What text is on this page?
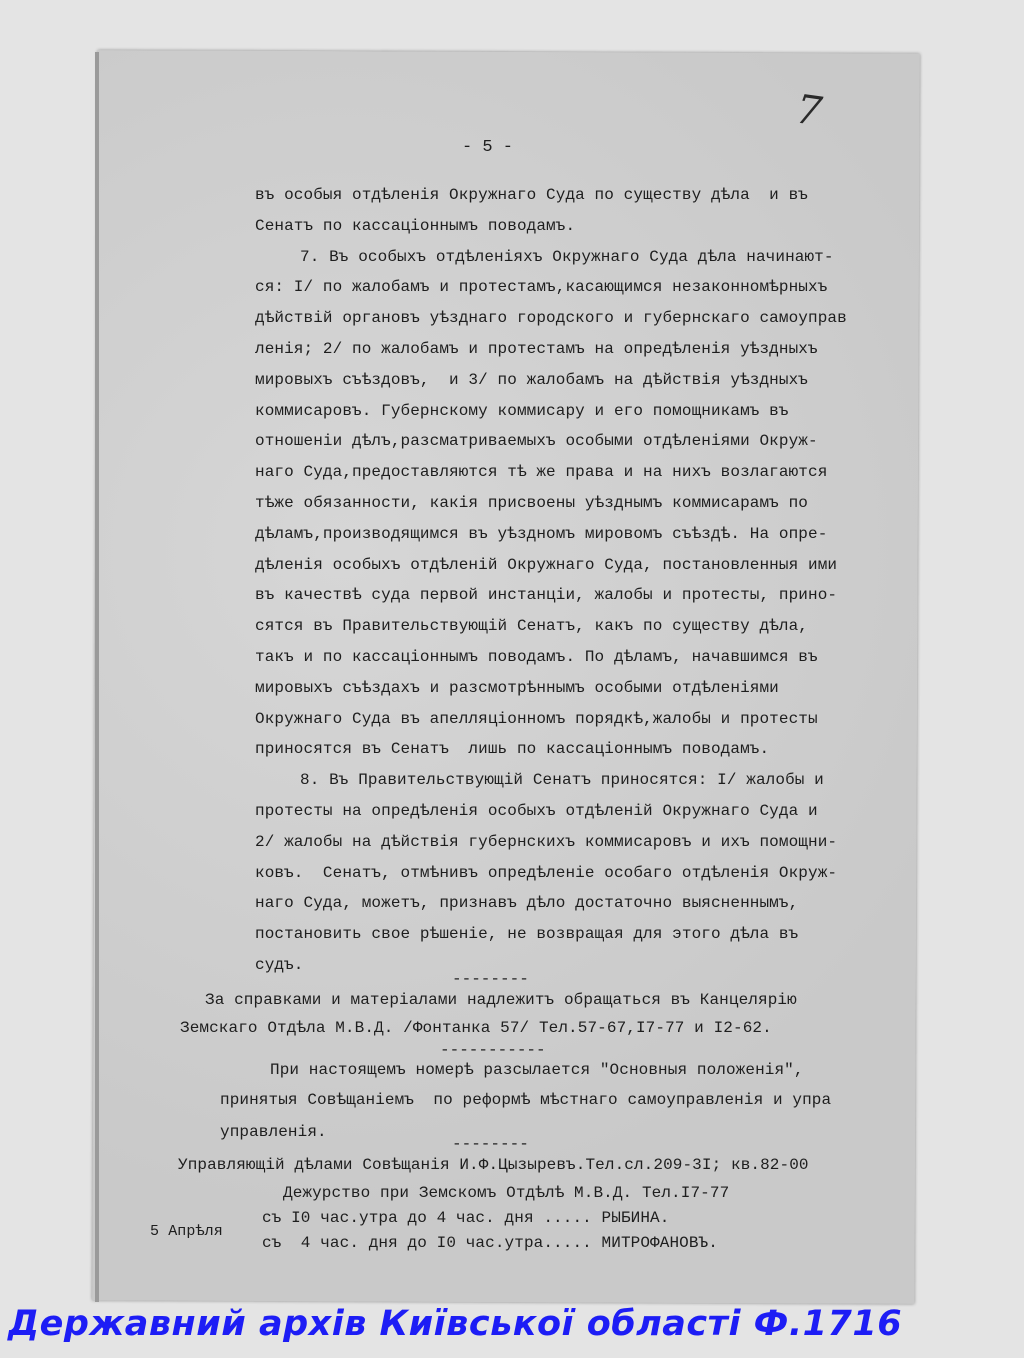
7
- 5 -
въ особыя отдѣленія Окружнаго Суда по существу дѣла  и въ
Сенатъ по кассаціоннымъ поводамъ.
7. Въ особыхъ отдѣленіяхъ Окружнаго Суда дѣла начинают-
ся: I/ по жалобамъ и протестамъ,касающимся незаконномѣрныхъ
дѣйствій органовъ уѣзднаго городского и губернскаго самоуправ
ленія; 2/ по жалобамъ и протестамъ на опредѣленія уѣздныхъ
мировыхъ съѣздовъ,  и 3/ по жалобамъ на дѣйствія уѣздныхъ
коммисаровъ. Губернскому коммисару и его помощникамъ въ
отношеніи дѣлъ,разсматриваемыхъ особыми отдѣленіями Окруж-
наго Суда,предоставляются тѣ же права и на нихъ возлагаются
тѣже обязанности, какія присвоены уѣзднымъ коммисарамъ по
дѣламъ,производящимся въ уѣздномъ мировомъ съѣздѣ. На опре-
дѣленія особыхъ отдѣленій Окружнаго Суда, постановленныя ими
въ качествѣ суда первой инстанціи, жалобы и протесты, прино-
сятся въ Правительствующій Сенатъ, какъ по существу дѣла,
такъ и по кассаціоннымъ поводамъ. По дѣламъ, начавшимся въ
мировыхъ съѣздахъ и разсмотрѣннымъ особыми отдѣленіями
Окружнаго Суда въ апелляціонномъ порядкѣ,жалобы и протесты
приносятся въ Сенатъ  лишь по кассаціоннымъ поводамъ.
8. Въ Правительствующій Сенатъ приносятся: I/ жалобы и
протесты на опредѣленія особыхъ отдѣленій Окружнаго Суда и
2/ жалобы на дѣйствія губернскихъ коммисаровъ и ихъ помощни-
ковъ.  Сенатъ, отмѣнивъ опредѣленіе особаго отдѣленія Окруж-
наго Суда, можетъ, признавъ дѣло достаточно выясненнымъ,
постановить свое рѣшеніе, не возвращая для этого дѣла въ
судъ.
За справками и матеріалами надлежитъ обращаться въ Канцелярію
Земскаго Отдѣла М.В.Д. /Фонтанка 57/ Тел.57-67,I7-77 и I2-62.
При настоящемъ номерѣ разсылается "Основныя положенія",
принятыя Совѣщаніемъ  по реформѣ мѣстнаго самоуправленія и упра
управленія.
Управляющій дѣлами Совѣщанія И.Ф.Цызыревъ.Тел.сл.209-3I; кв.82-00
Дежурство при Земскомъ Отдѣлѣ М.В.Д. Тел.I7-77
съ I0 час.утра до 4 час. дня ..... РЫБИНА.
съ  4 час. дня до I0 час.утра..... МИТРОФАНОВЪ.
--------
-----------
--------
5 Апрѣля
Державний архів Київської області Ф.1716
